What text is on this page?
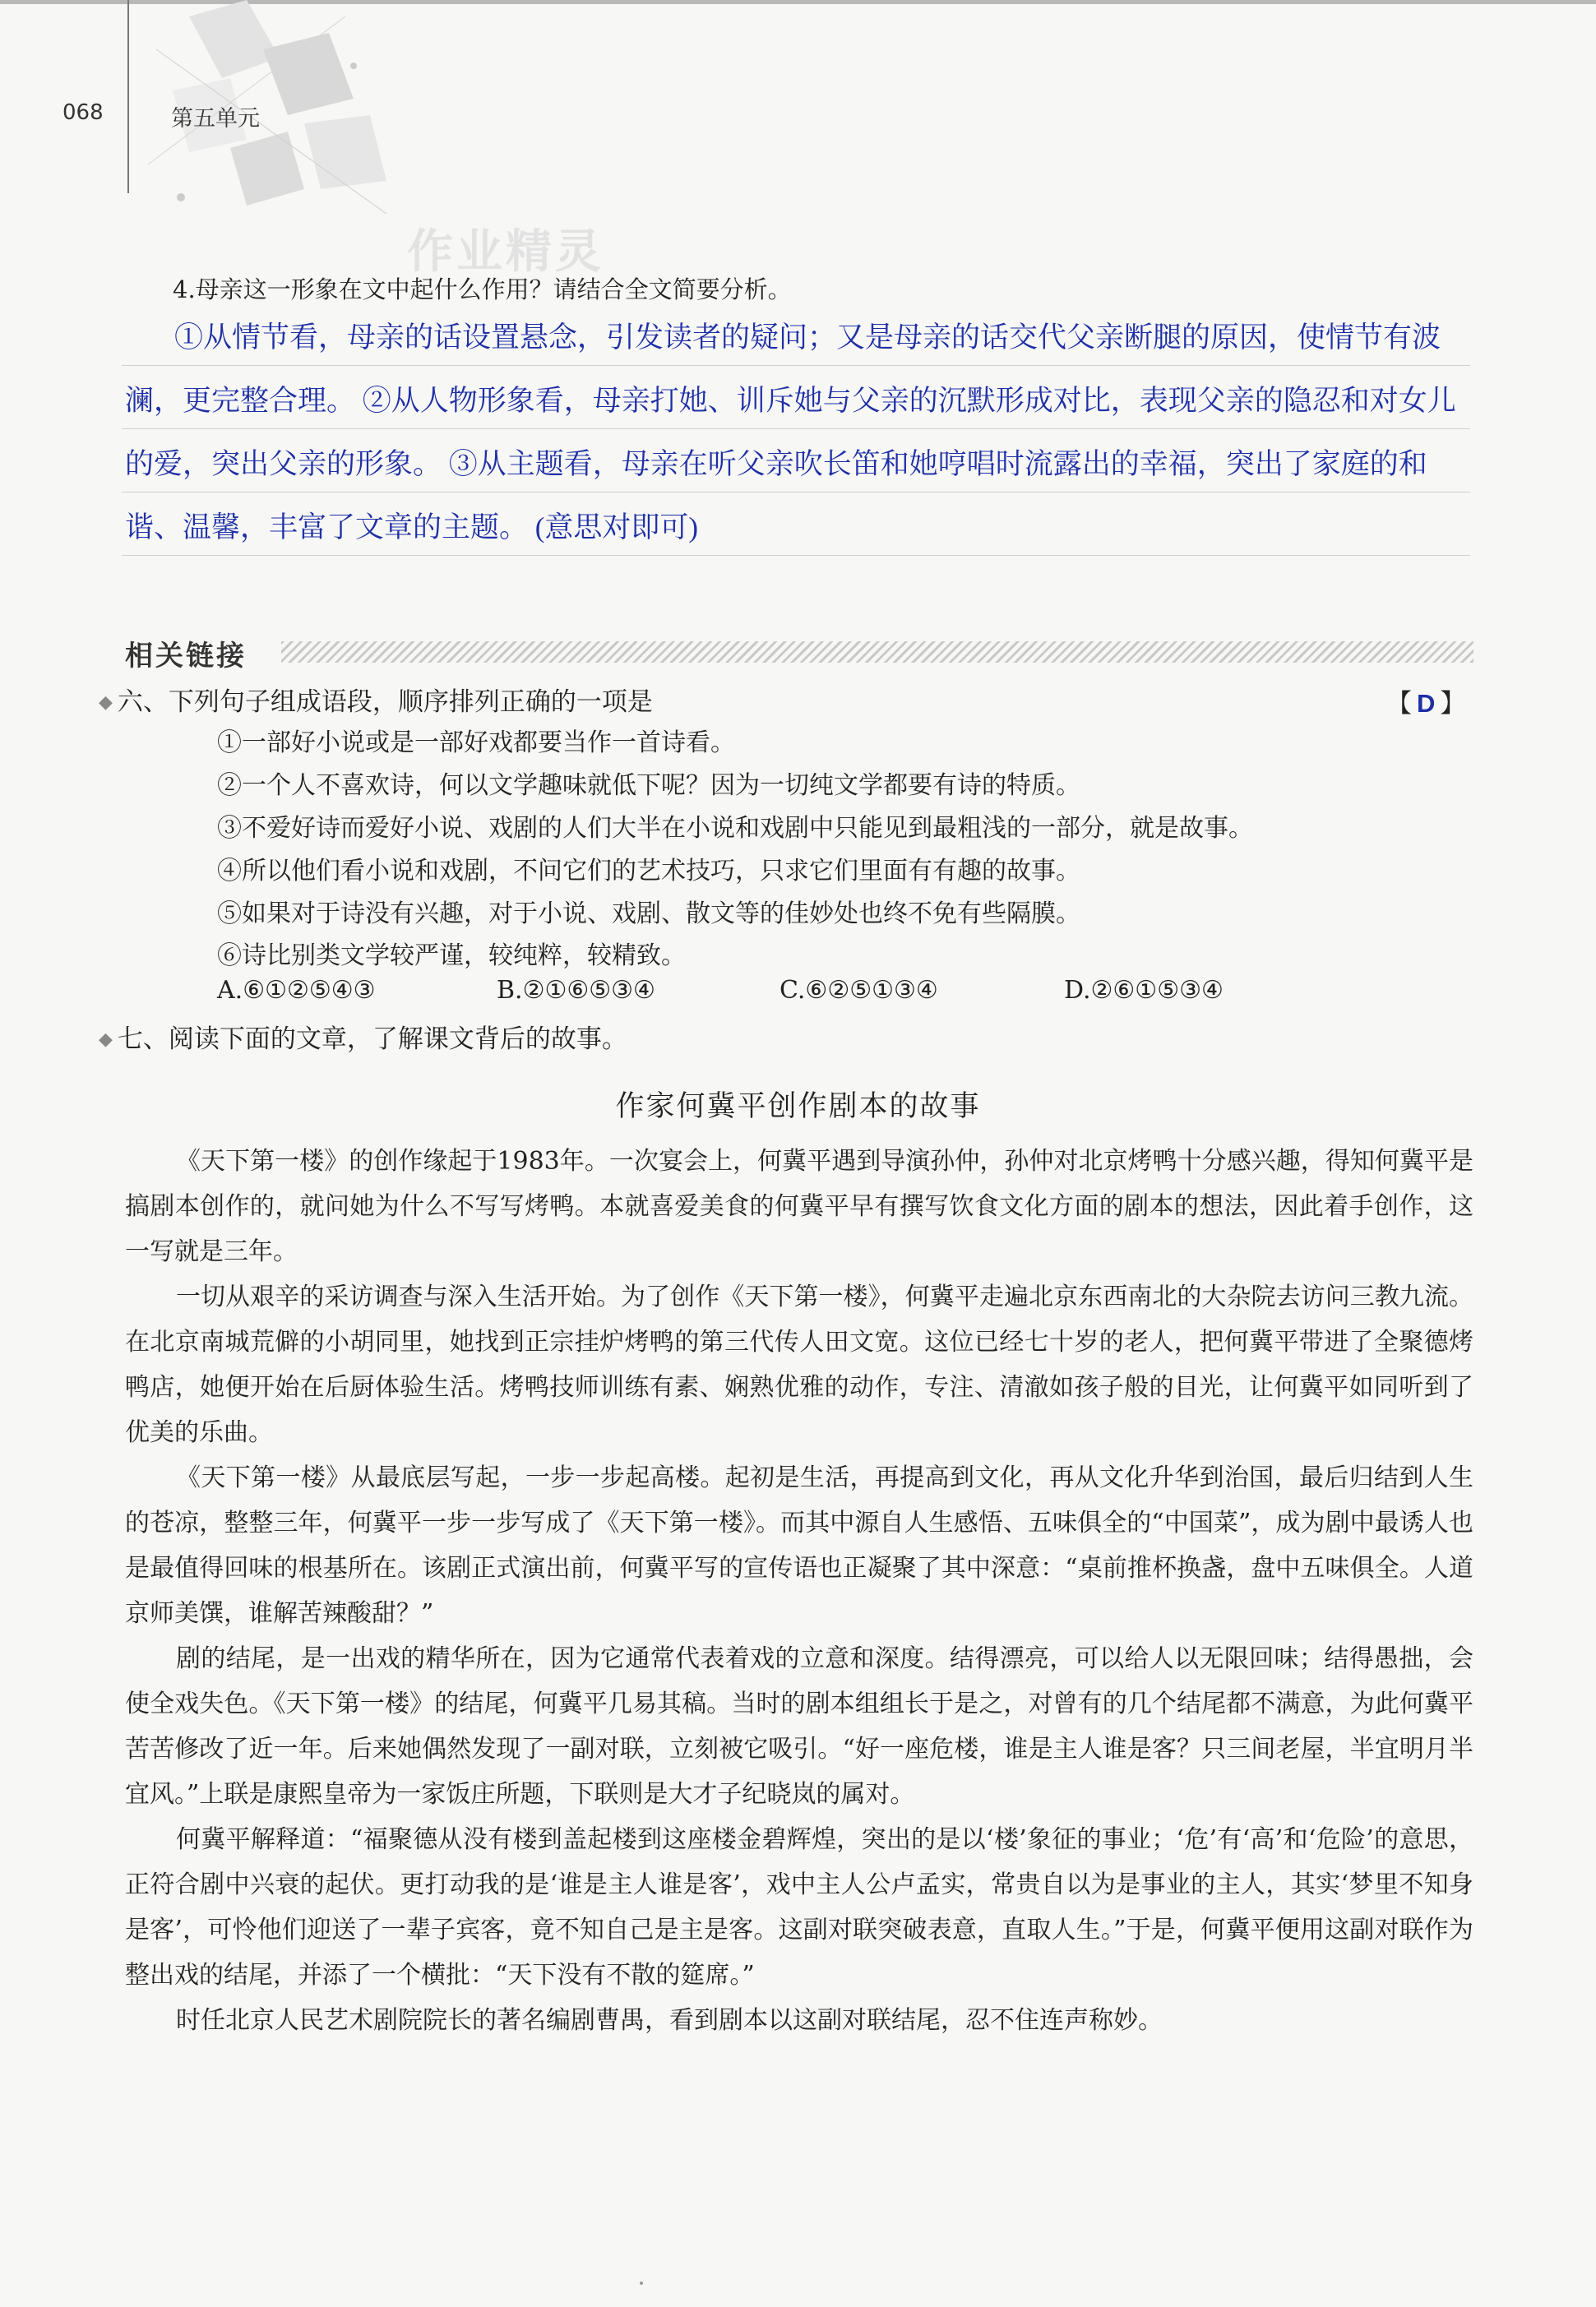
068	第五单元
作业精灵
4.母亲这一形象在文中起什么作用？请结合全文简要分析。

①从情节看，母亲的话设置悬念，引发读者的疑问；又是母亲的话交代父亲断腿的原因，使情节有波澜，更完整合理。 ②从人物形象看，母亲打她、训斥她与父亲的沉默形成对比，表现父亲的隐忍和对女儿的爱，突出父亲的形象。 ③从主题看，母亲在听父亲吹长笛和她哼唱时流露出的幸福，突出了家庭的和谐、温馨，丰富了文章的主题。 (意思对即可)

相关链接
◆ 六、下列句子组成语段，顺序排列正确的一项是	【 D 】
①一部好小说或是一部好戏都要当作一首诗看。
②一个人不喜欢诗，何以文学趣味就低下呢？因为一切纯文学都要有诗的特质。
③不爱好诗而爱好小说、戏剧的人们大半在小说和戏剧中只能见到最粗浅的一部分，就是故事。
④所以他们看小说和戏剧，不问它们的艺术技巧，只求它们里面有有趣的故事。
⑤如果对于诗没有兴趣，对于小说、戏剧、散文等的佳妙处也终不免有些隔膜。
⑥诗比别类文学较严谨，较纯粹，较精致。
A.⑥①②⑤④③	B.②①⑥⑤③④	C.⑥②⑤①③④	D.②⑥①⑤③④
◆ 七、阅读下面的文章，了解课文背后的故事。
作家何冀平创作剧本的故事

《天下第一楼》的创作缘起于1983年。一次宴会上，何冀平遇到导演孙仲，孙仲对北京烤鸭十分感兴趣，得知何冀平是搞剧本创作的，就问她为什么不写写烤鸭。本就喜爱美食的何冀平早有撰写饮食文化方面的剧本的想法，因此着手创作，这一写就是三年。

一切从艰辛的采访调查与深入生活开始。为了创作《天下第一楼》，何冀平走遍北京东西南北的大杂院去访问三教九流。在北京南城荒僻的小胡同里，她找到正宗挂炉烤鸭的第三代传人田文宽。这位已经七十岁的老人，把何冀平带进了全聚德烤鸭店，她便开始在后厨体验生活。烤鸭技师训练有素、娴熟优雅的动作，专注、清澈如孩子般的目光，让何冀平如同听到了优美的乐曲。

《天下第一楼》从最底层写起，一步一步起高楼。起初是生活，再提高到文化，再从文化升华到治国，最后归结到人生的苍凉，整整三年，何冀平一步一步写成了《天下第一楼》。而其中源自人生感悟、五味俱全的“中国菜”，成为剧中最诱人也是最值得回味的根基所在。该剧正式演出前，何冀平写的宣传语也正凝聚了其中深意：“桌前推杯换盏，盘中五味俱全。人道京师美馔，谁解苦辣酸甜？”

剧的结尾，是一出戏的精华所在，因为它通常代表着戏的立意和深度。结得漂亮，可以给人以无限回味；结得愚拙，会使全戏失色。《天下第一楼》的结尾，何冀平几易其稿。当时的剧本组组长于是之，对曾有的几个结尾都不满意，为此何冀平苦苦修改了近一年。后来她偶然发现了一副对联，立刻被它吸引。“好一座危楼，谁是主人谁是客？只三间老屋，半宜明月半宜风。”上联是康熙皇帝为一家饭庄所题，下联则是大才子纪晓岚的属对。

何冀平解释道：“福聚德从没有楼到盖起楼到这座楼金碧辉煌，突出的是以‘楼’象征的事业；‘危’有‘高’和‘危险’的意思，正符合剧中兴衰的起伏。更打动我的是‘谁是主人谁是客’，戏中主人公卢孟实，常贵自以为是事业的主人，其实‘梦里不知身是客’，可怜他们迎送了一辈子宾客，竟不知自己是主是客。这副对联突破表意，直取人生。”于是，何冀平便用这副对联作为整出戏的结尾，并添了一个横批：“天下没有不散的筵席。”

时任北京人民艺术剧院院长的著名编剧曹禺，看到剧本以这副对联结尾，忍不住连声称妙。
